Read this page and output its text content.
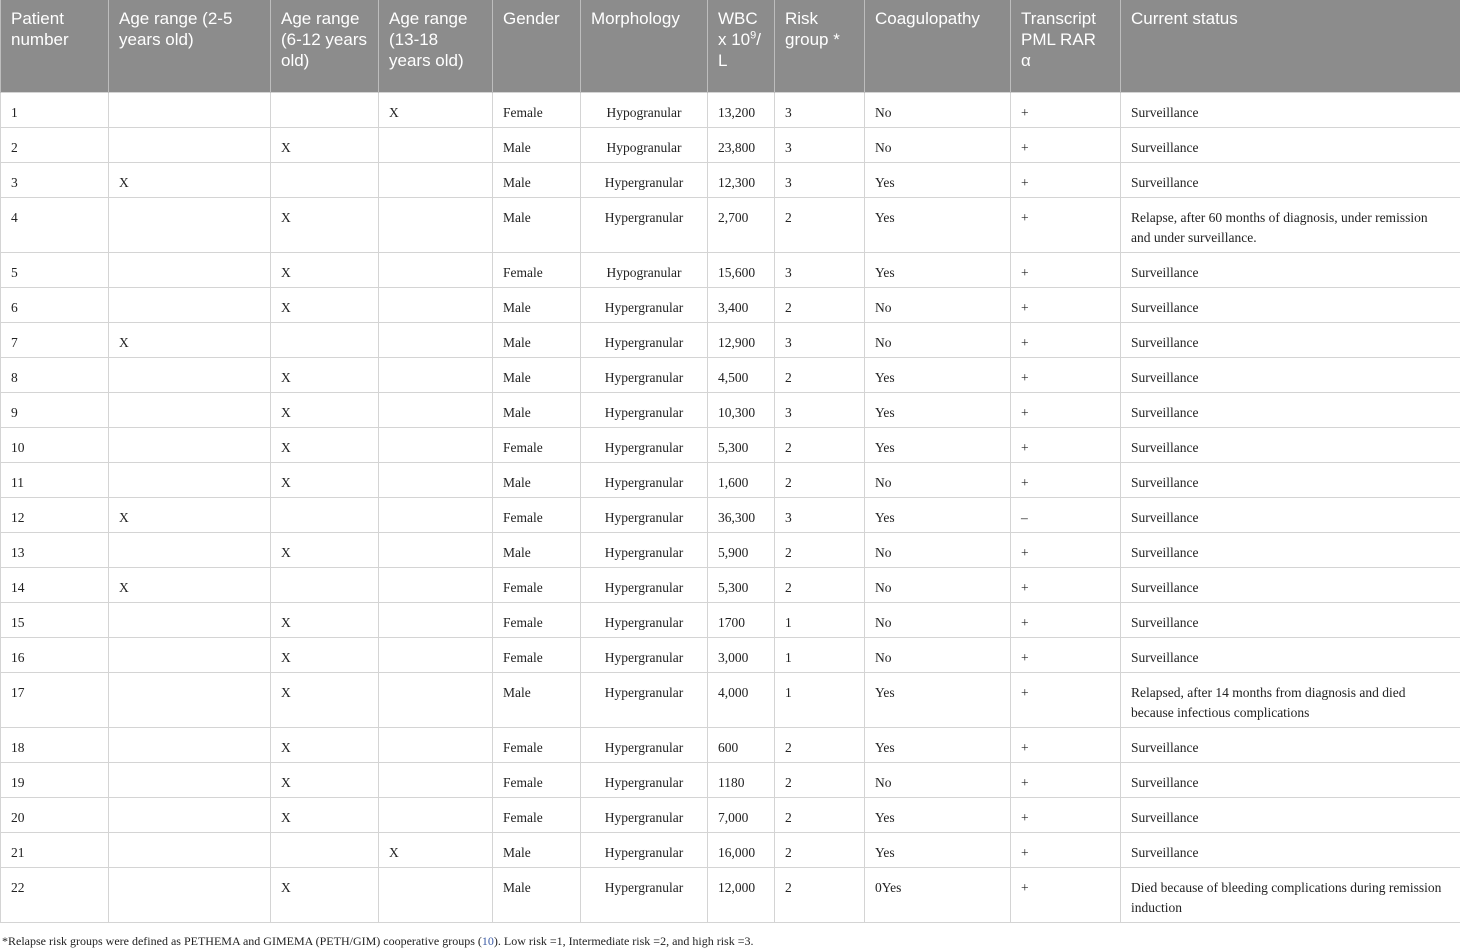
Patient number	Age range (2-5 years old)	Age range (6-12 years old)	Age range (13-18 years old)	Gender	Morphology	WBC x $10^9/$ L	Risk group *	Coagulopathy	Transcript PML RAR α	Current status
1			X	Female	Hypogranular	13,200	3	No	+	Surveillance
2		X		Male	Hypogranular	23,800	3	No	+	Surveillance
3	X			Male	Hypergranular	12,300	3	Yes	+	Surveillance
4		X		Male	Hypergranular	2,700	2	Yes	+	Relapse, after 60 months of diagnosis, under remission and under surveillance.
5		X		Female	Hypogranular	15,600	3	Yes	+	Surveillance
6		X		Male	Hypergranular	3,400	2	No	+	Surveillance
7	X			Male	Hypergranular	12,900	3	No	+	Surveillance
8		X		Male	Hypergranular	4,500	2	Yes	+	Surveillance
9		X		Male	Hypergranular	10,300	3	Yes	+	Surveillance
10		X		Female	Hypergranular	5,300	2	Yes	+	Surveillance
11		X		Male	Hypergranular	1,600	2	No	+	Surveillance
12	X			Female	Hypergranular	36,300	3	Yes	–	Surveillance
13		X		Male	Hypergranular	5,900	2	No	+	Surveillance
14	X			Female	Hypergranular	5,300	2	No	+	Surveillance
15		X		Female	Hypergranular	1700	1	No	+	Surveillance
16		X		Female	Hypergranular	3,000	1	No	+	Surveillance
17		X		Male	Hypergranular	4,000	1	Yes	+	Relapsed, after 14 months from diagnosis and died because infectious complications
18		X		Female	Hypergranular	600	2	Yes	+	Surveillance
19		X		Female	Hypergranular	1180	2	No	+	Surveillance
20		X		Female	Hypergranular	7,000	2	Yes	+	Surveillance
21			X	Male	Hypergranular	16,000	2	Yes	+	Surveillance
22		X		Male	Hypergranular	12,000	2	0Yes	+	Died because of bleeding complications during remission induction
*Relapse risk groups were defined as PETHEMA and GIMEMA (PETH/GIM) cooperative groups (10). Low risk =1, Intermediate risk =2, and high risk =3.
